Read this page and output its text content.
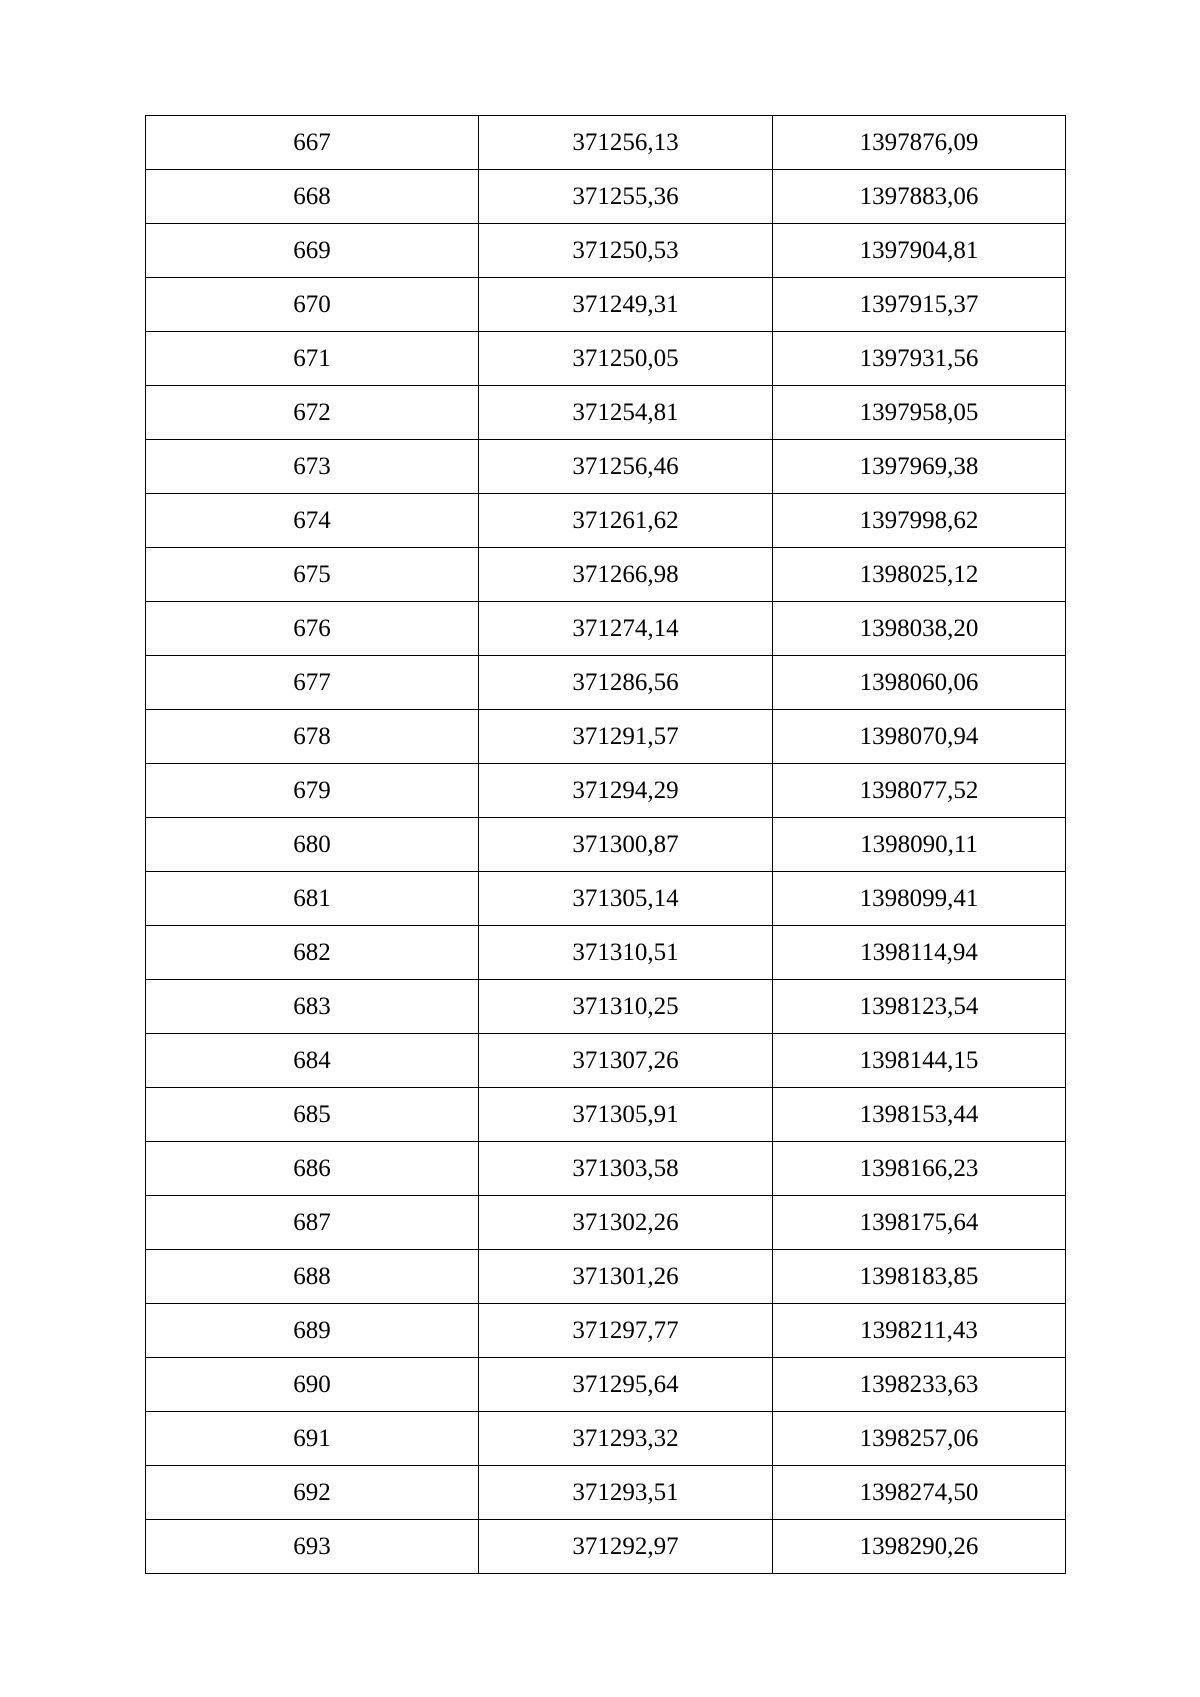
667	371256,13	1397876,09
668	371255,36	1397883,06
669	371250,53	1397904,81
670	371249,31	1397915,37
671	371250,05	1397931,56
672	371254,81	1397958,05
673	371256,46	1397969,38
674	371261,62	1397998,62
675	371266,98	1398025,12
676	371274,14	1398038,20
677	371286,56	1398060,06
678	371291,57	1398070,94
679	371294,29	1398077,52
680	371300,87	1398090,11
681	371305,14	1398099,41
682	371310,51	1398114,94
683	371310,25	1398123,54
684	371307,26	1398144,15
685	371305,91	1398153,44
686	371303,58	1398166,23
687	371302,26	1398175,64
688	371301,26	1398183,85
689	371297,77	1398211,43
690	371295,64	1398233,63
691	371293,32	1398257,06
692	371293,51	1398274,50
693	371292,97	1398290,26
